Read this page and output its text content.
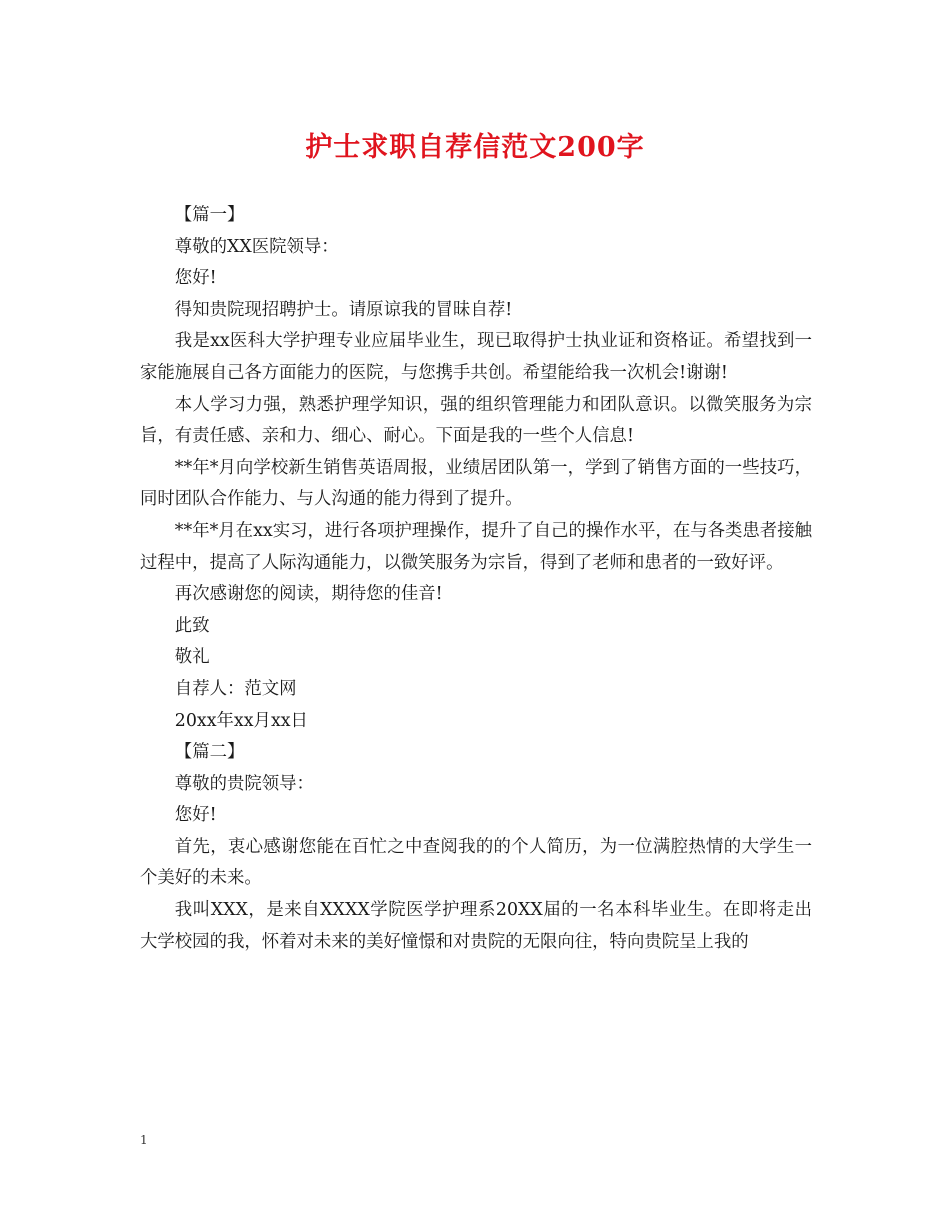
护士求职自荐信范文200字

【篇一】

尊敬的XX医院领导：

您好!

得知贵院现招聘护士。请原谅我的冒昧自荐!

我是xx医科大学护理专业应届毕业生，现已取得护士执业证和资格证。希望找到一家能施展自己各方面能力的医院，与您携手共创。希望能给我一次机会!谢谢!

本人学习力强，熟悉护理学知识，强的组织管理能力和团队意识。以微笑服务为宗旨，有责任感、亲和力、细心、耐心。下面是我的一些个人信息!

**年*月向学校新生销售英语周报，业绩居团队第一，学到了销售方面的一些技巧，同时团队合作能力、与人沟通的能力得到了提升。

**年*月在xx实习，进行各项护理操作，提升了自己的操作水平，在与各类患者接触过程中，提高了人际沟通能力，以微笑服务为宗旨，得到了老师和患者的一致好评。

再次感谢您的阅读，期待您的佳音!

此致

敬礼

自荐人：范文网

20xx年xx月xx日

【篇二】

尊敬的贵院领导：

您好!

首先，衷心感谢您能在百忙之中查阅我的的个人简历，为一位满腔热情的大学生一个美好的未来。

我叫XXX，是来自XXXX学院医学护理系20XX届的一名本科毕业生。在即将走出大学校园的我，怀着对未来的美好憧憬和对贵院的无限向往，特向贵院呈上我的

1
